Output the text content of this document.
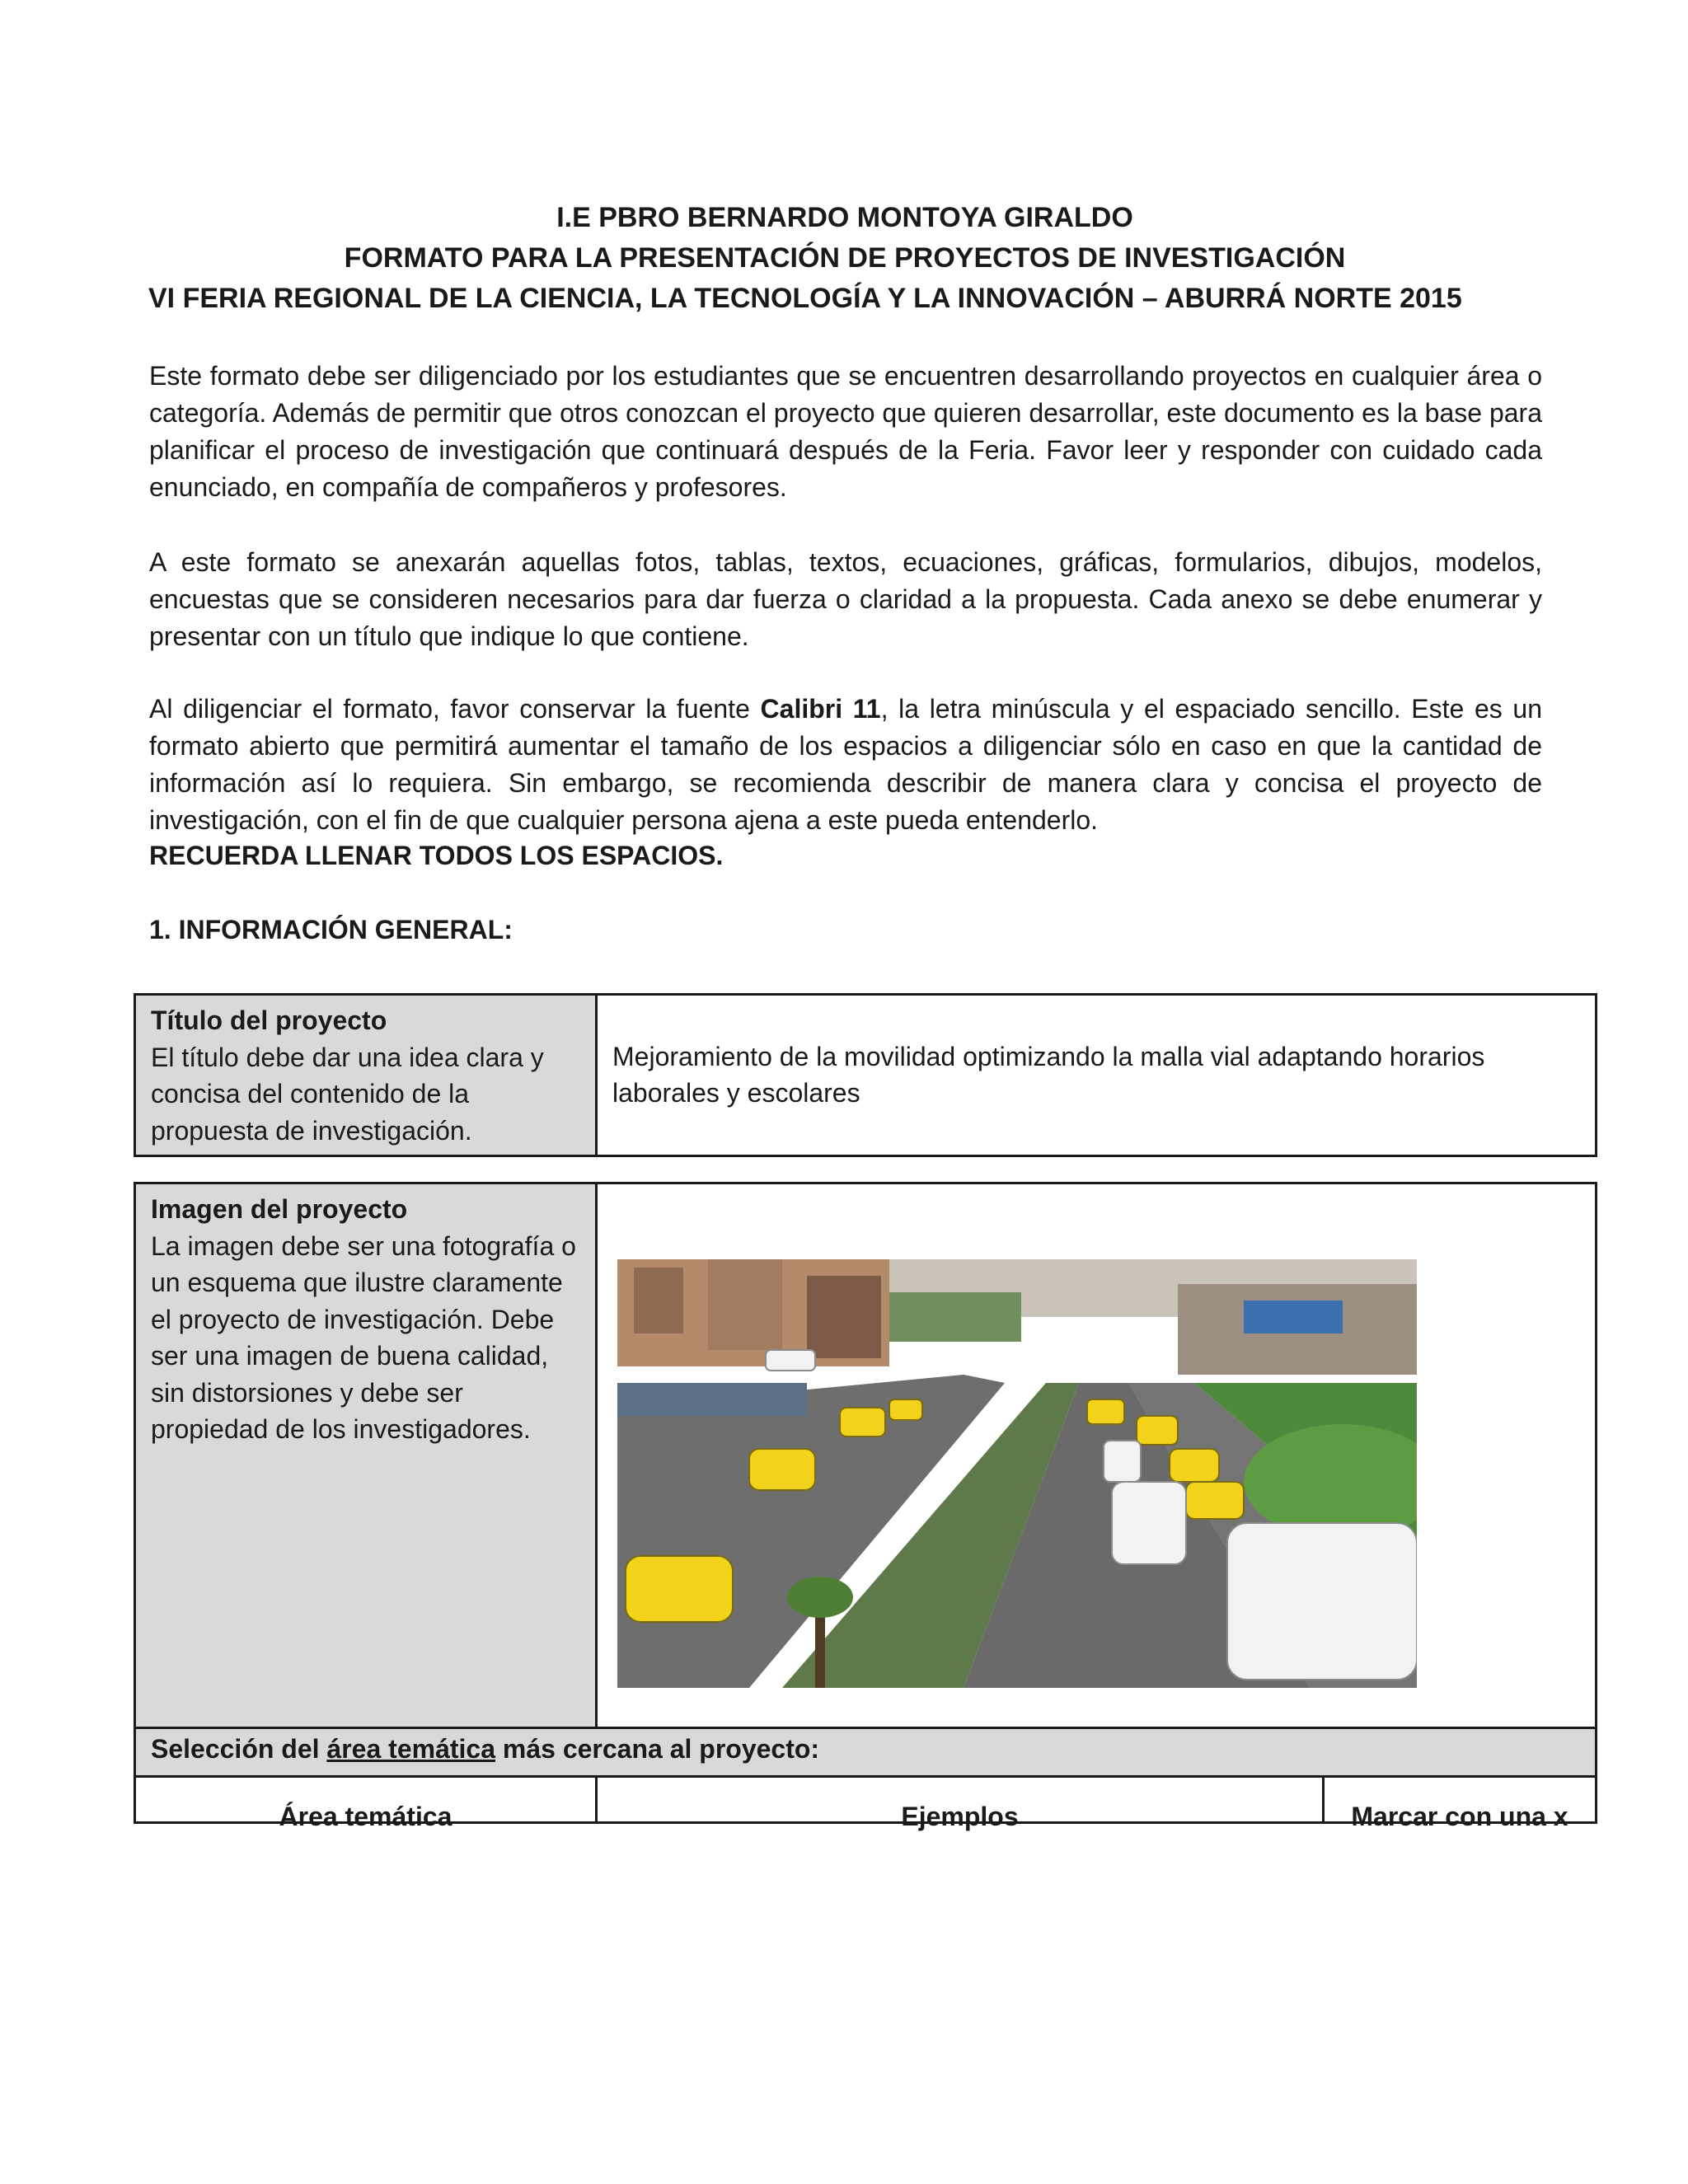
I.E PBRO BERNARDO MONTOYA GIRALDO
FORMATO PARA LA PRESENTACIÓN DE PROYECTOS DE INVESTIGACIÓN
VI FERIA REGIONAL DE LA CIENCIA, LA TECNOLOGÍA Y LA INNOVACIÓN – ABURRÁ NORTE 2015
Este formato debe ser diligenciado por los estudiantes que se encuentren desarrollando proyectos en cualquier área o categoría. Además de permitir que otros conozcan el proyecto que quieren desarrollar, este documento es la base para planificar el proceso de investigación que continuará después de la Feria. Favor leer y responder con cuidado cada enunciado, en compañía de compañeros y profesores.
A este formato se anexarán aquellas fotos, tablas, textos, ecuaciones, gráficas, formularios, dibujos, modelos, encuestas que se consideren necesarios para dar fuerza o claridad a la propuesta. Cada anexo se debe enumerar y presentar con un título que indique lo que contiene.
Al diligenciar el formato, favor conservar la fuente Calibri 11, la letra minúscula y el espaciado sencillo. Este es un formato abierto que permitirá aumentar el tamaño de los espacios a diligenciar sólo en caso en que la cantidad de información así lo requiera. Sin embargo, se recomienda describir de manera clara y concisa el proyecto de investigación, con el fin de que cualquier persona ajena a este pueda entenderlo.
RECUERDA LLENAR TODOS LOS ESPACIOS.
1. INFORMACIÓN GENERAL:
Título del proyecto
El título debe dar una idea clara y concisa del contenido de la propuesta de investigación.
Mejoramiento de la movilidad optimizando la malla vial adaptando horarios laborales y escolares
Imagen del proyecto
La imagen debe ser una fotografía o un esquema que ilustre claramente el proyecto de investigación. Debe ser una imagen de buena calidad, sin distorsiones y debe ser propiedad de los investigadores.
Selección del área temática más cercana al proyecto:
Área temática	Ejemplos	Marcar con una x
